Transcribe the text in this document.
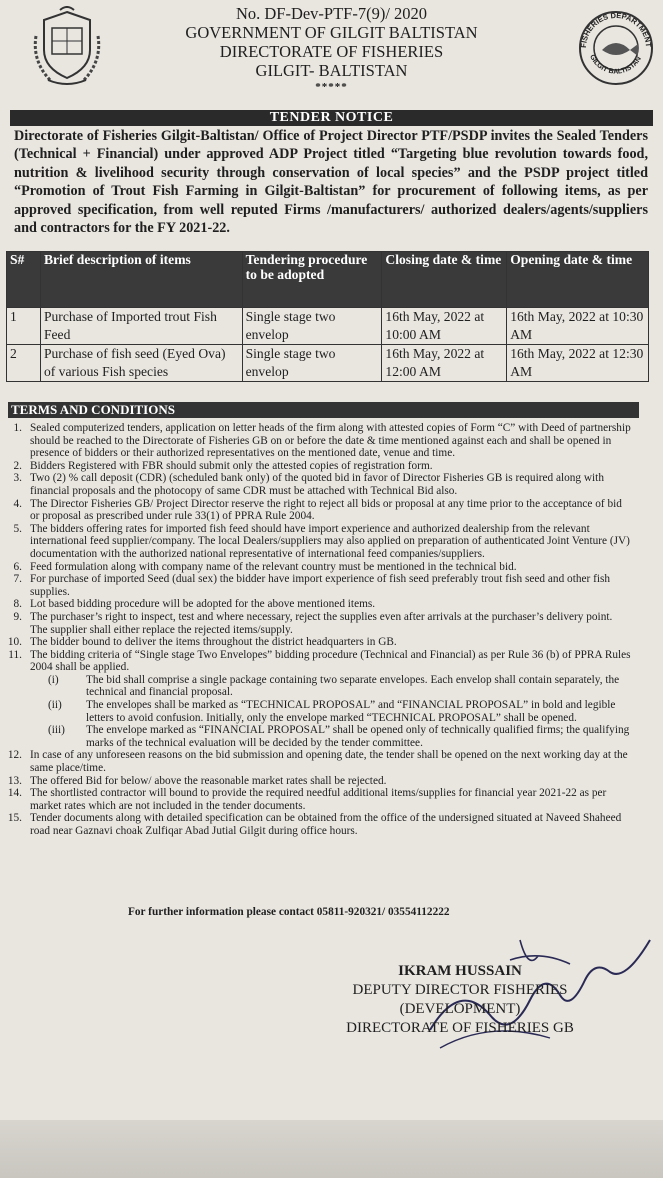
FISHERIES DEPARTMENT
GILGIT BALTISTAN
No. DF-Dev-PTF-7(9)/ 2020
GOVERNMENT OF GILGIT BALTISTAN
DIRECTORATE OF FISHERIES
GILGIT- BALTISTAN
*****
TENDER NOTICE
Directorate of Fisheries Gilgit-Baltistan/ Office of Project Director PTF/PSDP invites the Sealed Tenders (Technical + Financial) under approved ADP Project titled “Targeting blue revolution towards food, nutrition & livelihood security through conservation of local species” and the PSDP project titled “Promotion of Trout Fish Farming in Gilgit-Baltistan” for procurement of following items, as per approved specification, from well reputed Firms /manufacturers/ authorized dealers/agents/suppliers and contractors for the FY 2021-22.
S#	Brief description of items	Tendering procedure to be adopted	Closing date & time	Opening date & time
1	Purchase of Imported trout Fish Feed	Single stage two envelop	16th May, 2022 at 10:00 AM	16th May, 2022 at 10:30 AM
2	Purchase of fish seed (Eyed Ova) of various Fish species	Single stage two envelop	16th May, 2022 at 12:00 AM	16th May, 2022 at 12:30 AM
TERMS AND CONDITIONS
1. Sealed computerized tenders, application on letter heads of the firm along with attested copies of Form “C” with Deed of partnership should be reached to the Directorate of Fisheries GB on or before the date & time mentioned against each and shall be opened in presence of bidders or their authorized representatives on the mentioned date, venue and time.
2. Bidders Registered with FBR should submit only the attested copies of registration form.
3. Two (2) % call deposit (CDR) (scheduled bank only) of the quoted bid in favor of Director Fisheries GB is required along with financial proposals and the photocopy of same CDR must be attached with Technical Bid also.
4. The Director Fisheries GB/ Project Director reserve the right to reject all bids or proposal at any time prior to the acceptance of bid or proposal as prescribed under rule 33(1) of PPRA Rule 2004.
5. The bidders offering rates for imported fish feed should have import experience and authorized dealership from the relevant international feed supplier/company. The local Dealers/suppliers may also applied on preparation of authenticated Joint Venture (JV) documentation with the authorized national representative of international feed companies/suppliers.
6. Feed formulation along with company name of the relevant country must be mentioned in the technical bid.
7. For purchase of imported Seed (dual sex) the bidder have import experience of fish seed preferably trout fish seed and other fish supplies.
8. Lot based bidding procedure will be adopted for the above mentioned items.
9. The purchaser’s right to inspect, test and where necessary, reject the supplies even after arrivals at the purchaser’s delivery point. The supplier shall either replace the rejected items/supply.
10. The bidder bound to deliver the items throughout the district headquarters in GB.
11. The bidding criteria of “Single stage Two Envelopes” bidding procedure (Technical and Financial) as per Rule 36 (b) of PPRA Rules 2004 shall be applied.
(i) The bid shall comprise a single package containing two separate envelopes. Each envelop shall contain separately, the technical and financial proposal.
(ii) The envelopes shall be marked as “TECHNICAL PROPOSAL” and “FINANCIAL PROPOSAL” in bold and legible letters to avoid confusion. Initially, only the envelope marked “TECHNICAL PROPOSAL” shall be opened.
(iii) The envelope marked as “FINANCIAL PROPOSAL” shall be opened only of technically qualified firms; the qualifying marks of the technical evaluation will be decided by the tender committee.
12. In case of any unforeseen reasons on the bid submission and opening date, the tender shall be opened on the next working day at the same place/time.
13. The offered Bid for below/ above the reasonable market rates shall be rejected.
14. The shortlisted contractor will bound to provide the required needful additional items/supplies for financial year 2021-22 as per market rates which are not included in the tender documents.
15. Tender documents along with detailed specification can be obtained from the office of the undersigned situated at Naveed Shaheed road near Gaznavi choak Zulfiqar Abad Jutial Gilgit during office hours.
For further information please contact 05811-920321/ 03554112222
IKRAM HUSSAIN
DEPUTY DIRECTOR FISHERIES
(DEVELOPMENT)
DIRECTORATE OF FISHERIES GB
